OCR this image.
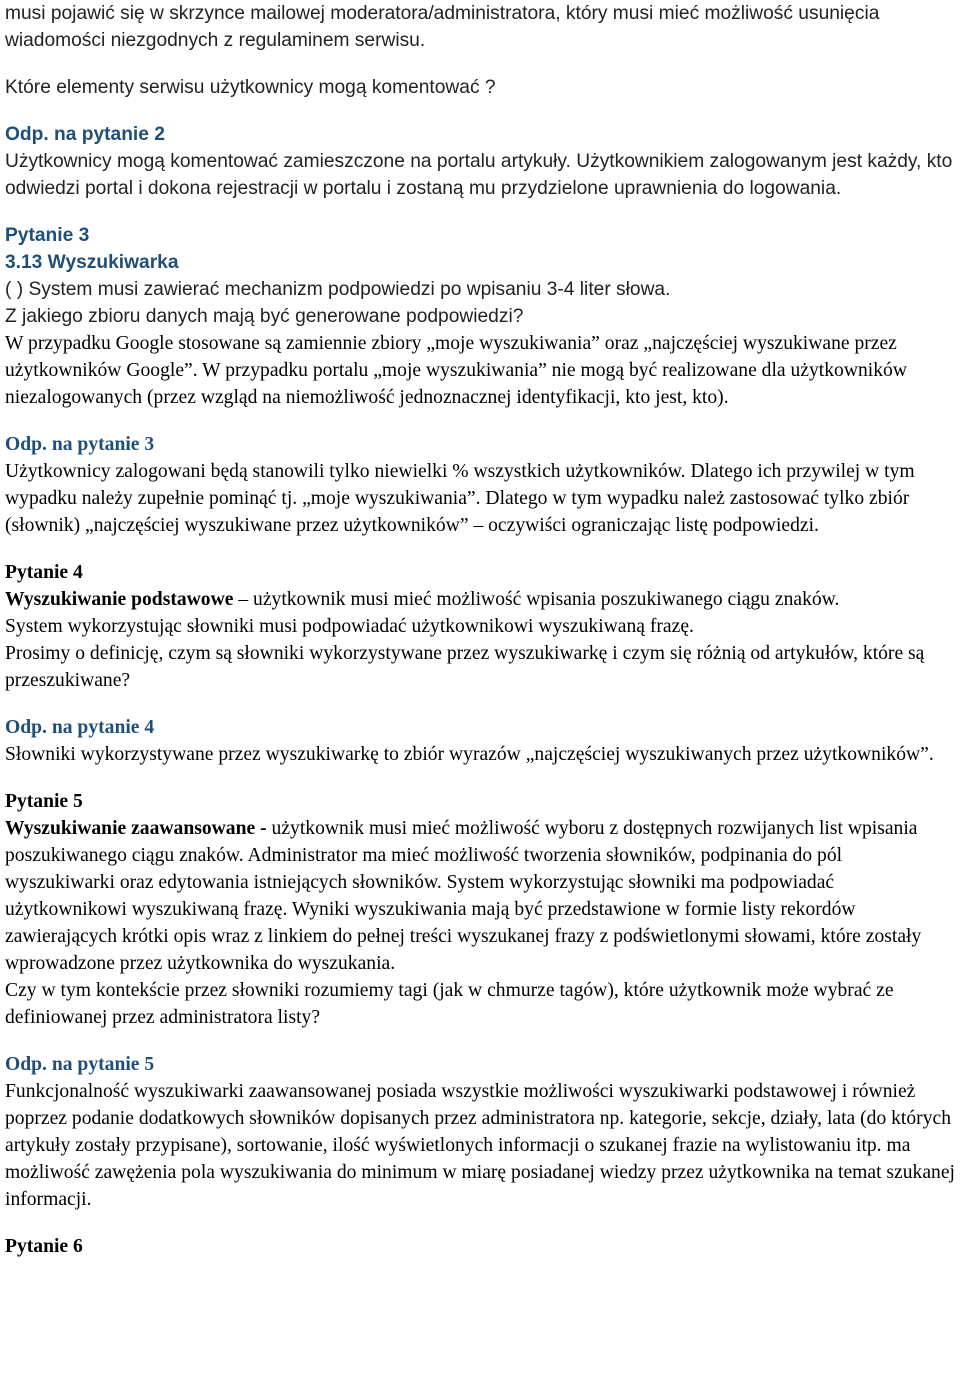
musi pojawić się w skrzynce mailowej moderatora/administratora, który musi mieć możliwość usunięcia wiadomości niezgodnych z regulaminem serwisu.

Które elementy serwisu użytkownicy mogą komentować ?

Odp. na pytanie 2

Użytkownicy mogą komentować zamieszczone na portalu artykuły. Użytkownikiem zalogowanym jest każdy, kto odwiedzi portal i dokona rejestracji w portalu i zostaną mu przydzielone uprawnienia do logowania.

Pytanie 3

3.13 Wyszukiwarka

( ) System musi zawierać mechanizm podpowiedzi po wpisaniu 3-4 liter słowa.

Z jakiego zbioru danych mają być generowane podpowiedzi?

W przypadku Google stosowane są zamiennie zbiory „moje wyszukiwania” oraz „najczęściej wyszukiwane przez użytkowników Google”. W przypadku portalu „moje wyszukiwania” nie mogą być realizowane dla użytkowników niezalogowanych (przez wzgląd na niemożliwość jednoznacznej identyfikacji, kto jest, kto).

Odp. na pytanie 3

Użytkownicy zalogowani będą stanowili tylko niewielki % wszystkich użytkowników. Dlatego ich przywilej w tym wypadku należy zupełnie pominąć tj. „moje wyszukiwania”. Dlatego w tym wypadku należ zastosować tylko zbiór (słownik) „najczęściej wyszukiwane przez użytkowników” – oczywiści ograniczając listę podpowiedzi.

Pytanie 4

Wyszukiwanie podstawowe – użytkownik musi mieć możliwość wpisania poszukiwanego ciągu znaków.

System wykorzystując słowniki musi podpowiadać użytkownikowi wyszukiwaną frazę.

Prosimy o definicję, czym są słowniki wykorzystywane przez wyszukiwarkę i czym się różnią od artykułów, które są przeszukiwane?

Odp. na pytanie 4

Słowniki wykorzystywane przez wyszukiwarkę to zbiór wyrazów „najczęściej wyszukiwanych przez użytkowników”.

Pytanie 5

Wyszukiwanie zaawansowane - użytkownik musi mieć możliwość wyboru z dostępnych rozwijanych list wpisania poszukiwanego ciągu znaków. Administrator ma mieć możliwość tworzenia słowników, podpinania do pól wyszukiwarki oraz edytowania istniejących słowników. System wykorzystując słowniki ma podpowiadać użytkownikowi wyszukiwaną frazę. Wyniki wyszukiwania mają być przedstawione w formie listy rekordów zawierających krótki opis wraz z linkiem do pełnej treści wyszukanej frazy z podświetlonymi słowami, które zostały wprowadzone przez użytkownika do wyszukania.

Czy w tym kontekście przez słowniki rozumiemy tagi (jak w chmurze tagów), które użytkownik może wybrać ze definiowanej przez administratora listy?

Odp. na pytanie 5

Funkcjonalność wyszukiwarki zaawansowanej posiada wszystkie możliwości wyszukiwarki podstawowej i również poprzez podanie dodatkowych słowników dopisanych przez administratora np. kategorie, sekcje, działy, lata (do których artykuły zostały przypisane), sortowanie, ilość wyświetlonych informacji o szukanej frazie na wylistowaniu itp. ma możliwość zawężenia pola wyszukiwania do minimum w miarę posiadanej wiedzy przez użytkownika na temat szukanej informacji.

Pytanie 6
